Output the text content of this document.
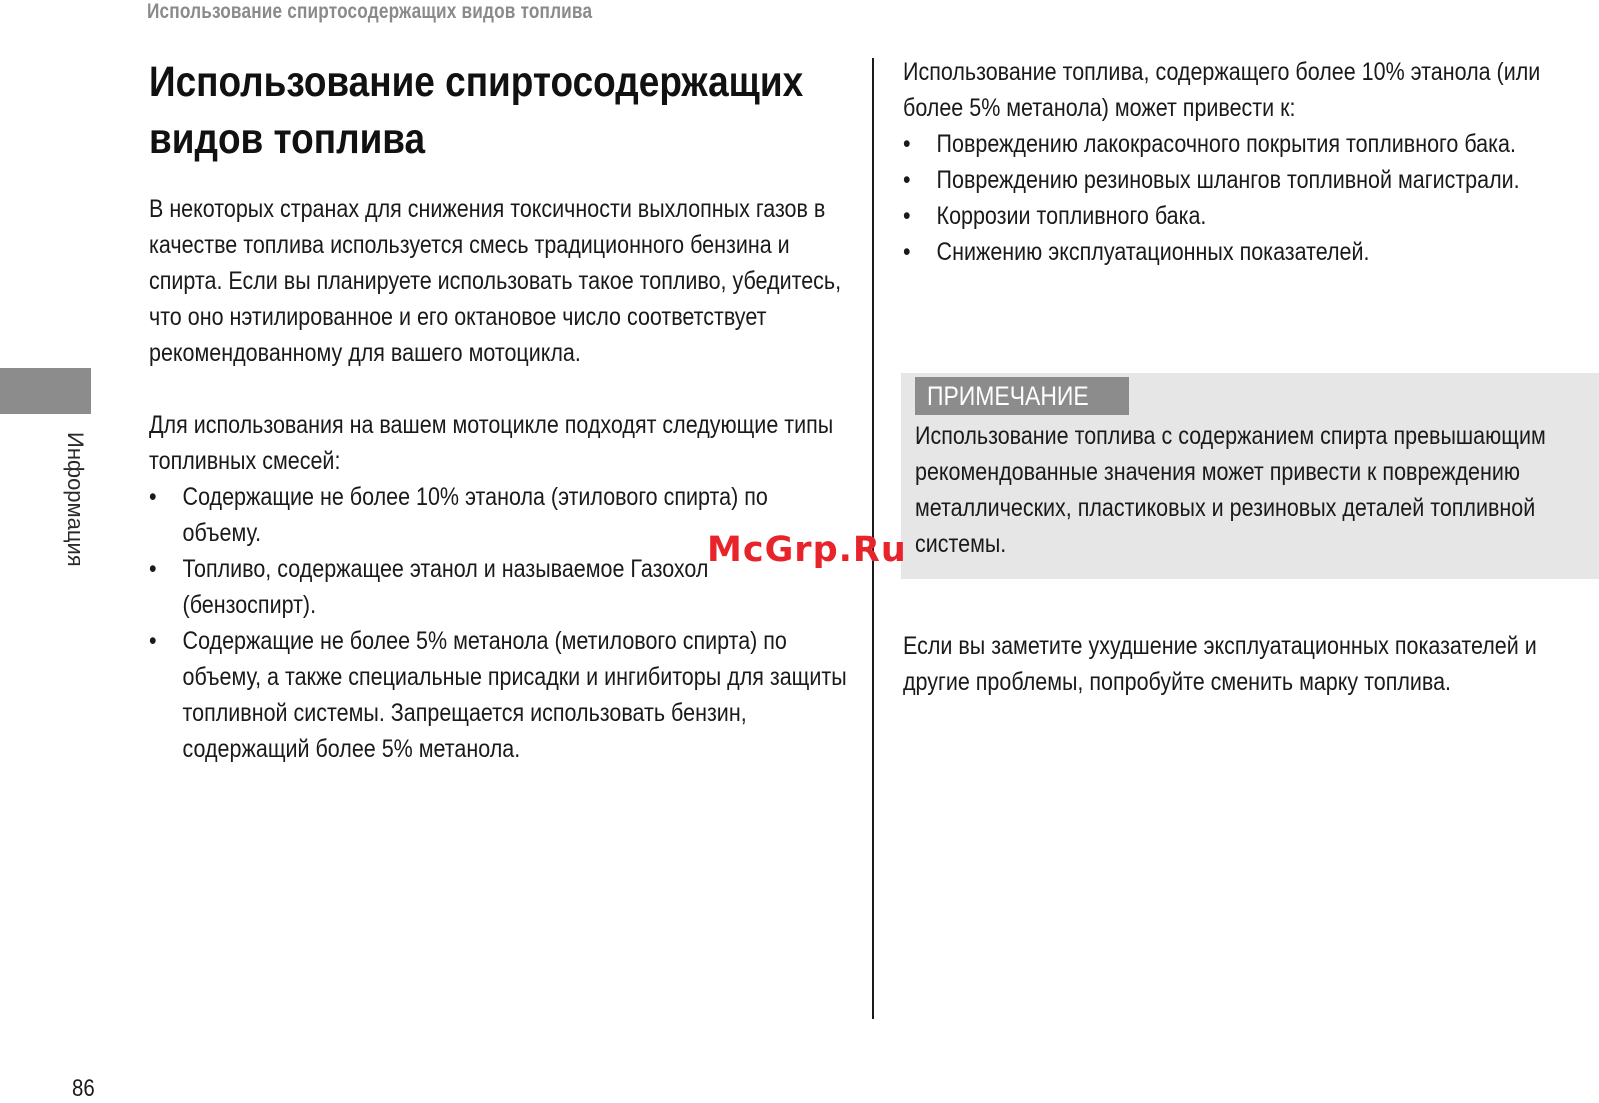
Использование спиртосодержащих видов топлива
Информация
86
Использование спиртосодержащих
видов топлива

В некоторых странах для снижения токсичности выхлопных газов в качестве топлива используется смесь традиционного бензина и спирта. Если вы планируете использовать такое топливо, убедитесь, что оно нэтилированное и его октановое число соответствует рекомендованному для вашего мотоцикла.

Для использования на вашем мотоцикле подходят следующие типы топливных смесей:

• Содержащие не более 10% этанола (этилового спирта) по объему.
• Топливо, содержащее этанол и называемое Газохол (бензоспирт).
• Содержащие не более 5% метанола (метилового спирта) по объему, а также специальные присадки и ингибиторы для защиты топливной системы. Запрещается использовать бензин, содержащий более 5% метанола.

Использование топлива, содержащего более 10% этанола (или более 5% метанола) может привести к:

• Повреждению лакокрасочного покрытия топливного бака.
• Повреждению резиновых шлангов топливной магистрали.
• Коррозии топливного бака.
• Снижению эксплуатационных показателей.
ПРИМЕЧАНИЕ
Использование топлива с содержанием спирта превышающим рекомендованные значения может привести к повреждению металлических, пластиковых и резиновых деталей топливной системы.
Если вы заметите ухудшение эксплуатационных показателей и другие проблемы, попробуйте сменить марку топлива.
McGrp.Ru
